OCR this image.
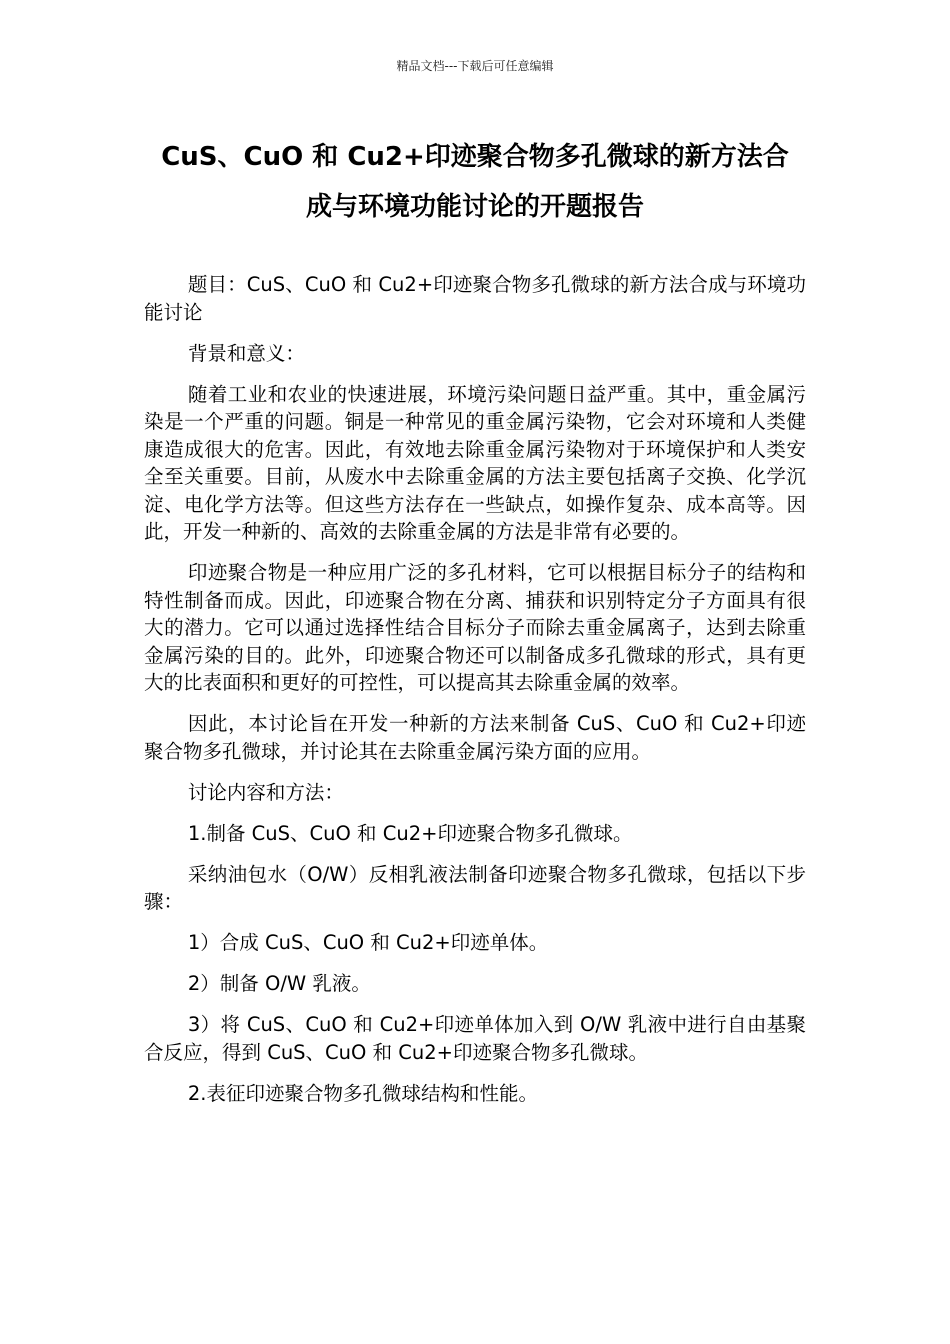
精品文档---下载后可任意编辑
CuS、CuO 和 Cu2+印迹聚合物多孔微球的新方法合
成与环境功能讨论的开题报告

题目：CuS、CuO 和 Cu2+印迹聚合物多孔微球的新方法合成与环境功能讨论

背景和意义：

随着工业和农业的快速进展，环境污染问题日益严重。其中，重金属污染是一个严重的问题。铜是一种常见的重金属污染物，它会对环境和人类健康造成很大的危害。因此，有效地去除重金属污染物对于环境保护和人类安全至关重要。目前，从废水中去除重金属的方法主要包括离子交换、化学沉淀、电化学方法等。但这些方法存在一些缺点，如操作复杂、成本高等。因此，开发一种新的、高效的去除重金属的方法是非常有必要的。

印迹聚合物是一种应用广泛的多孔材料，它可以根据目标分子的结构和特性制备而成。因此，印迹聚合物在分离、捕获和识别特定分子方面具有很大的潜力。它可以通过选择性结合目标分子而除去重金属离子，达到去除重金属污染的目的。此外，印迹聚合物还可以制备成多孔微球的形式，具有更大的比表面积和更好的可控性，可以提高其去除重金属的效率。

因此，本讨论旨在开发一种新的方法来制备 CuS、CuO 和 Cu2+印迹聚合物多孔微球，并讨论其在去除重金属污染方面的应用。

讨论内容和方法：

1.制备 CuS、CuO 和 Cu2+印迹聚合物多孔微球。

采纳油包水（O/W）反相乳液法制备印迹聚合物多孔微球，包括以下步骤：

1）合成 CuS、CuO 和 Cu2+印迹单体。

2）制备 O/W 乳液。

3）将 CuS、CuO 和 Cu2+印迹单体加入到 O/W 乳液中进行自由基聚合反应，得到 CuS、CuO 和 Cu2+印迹聚合物多孔微球。

2.表征印迹聚合物多孔微球结构和性能。
